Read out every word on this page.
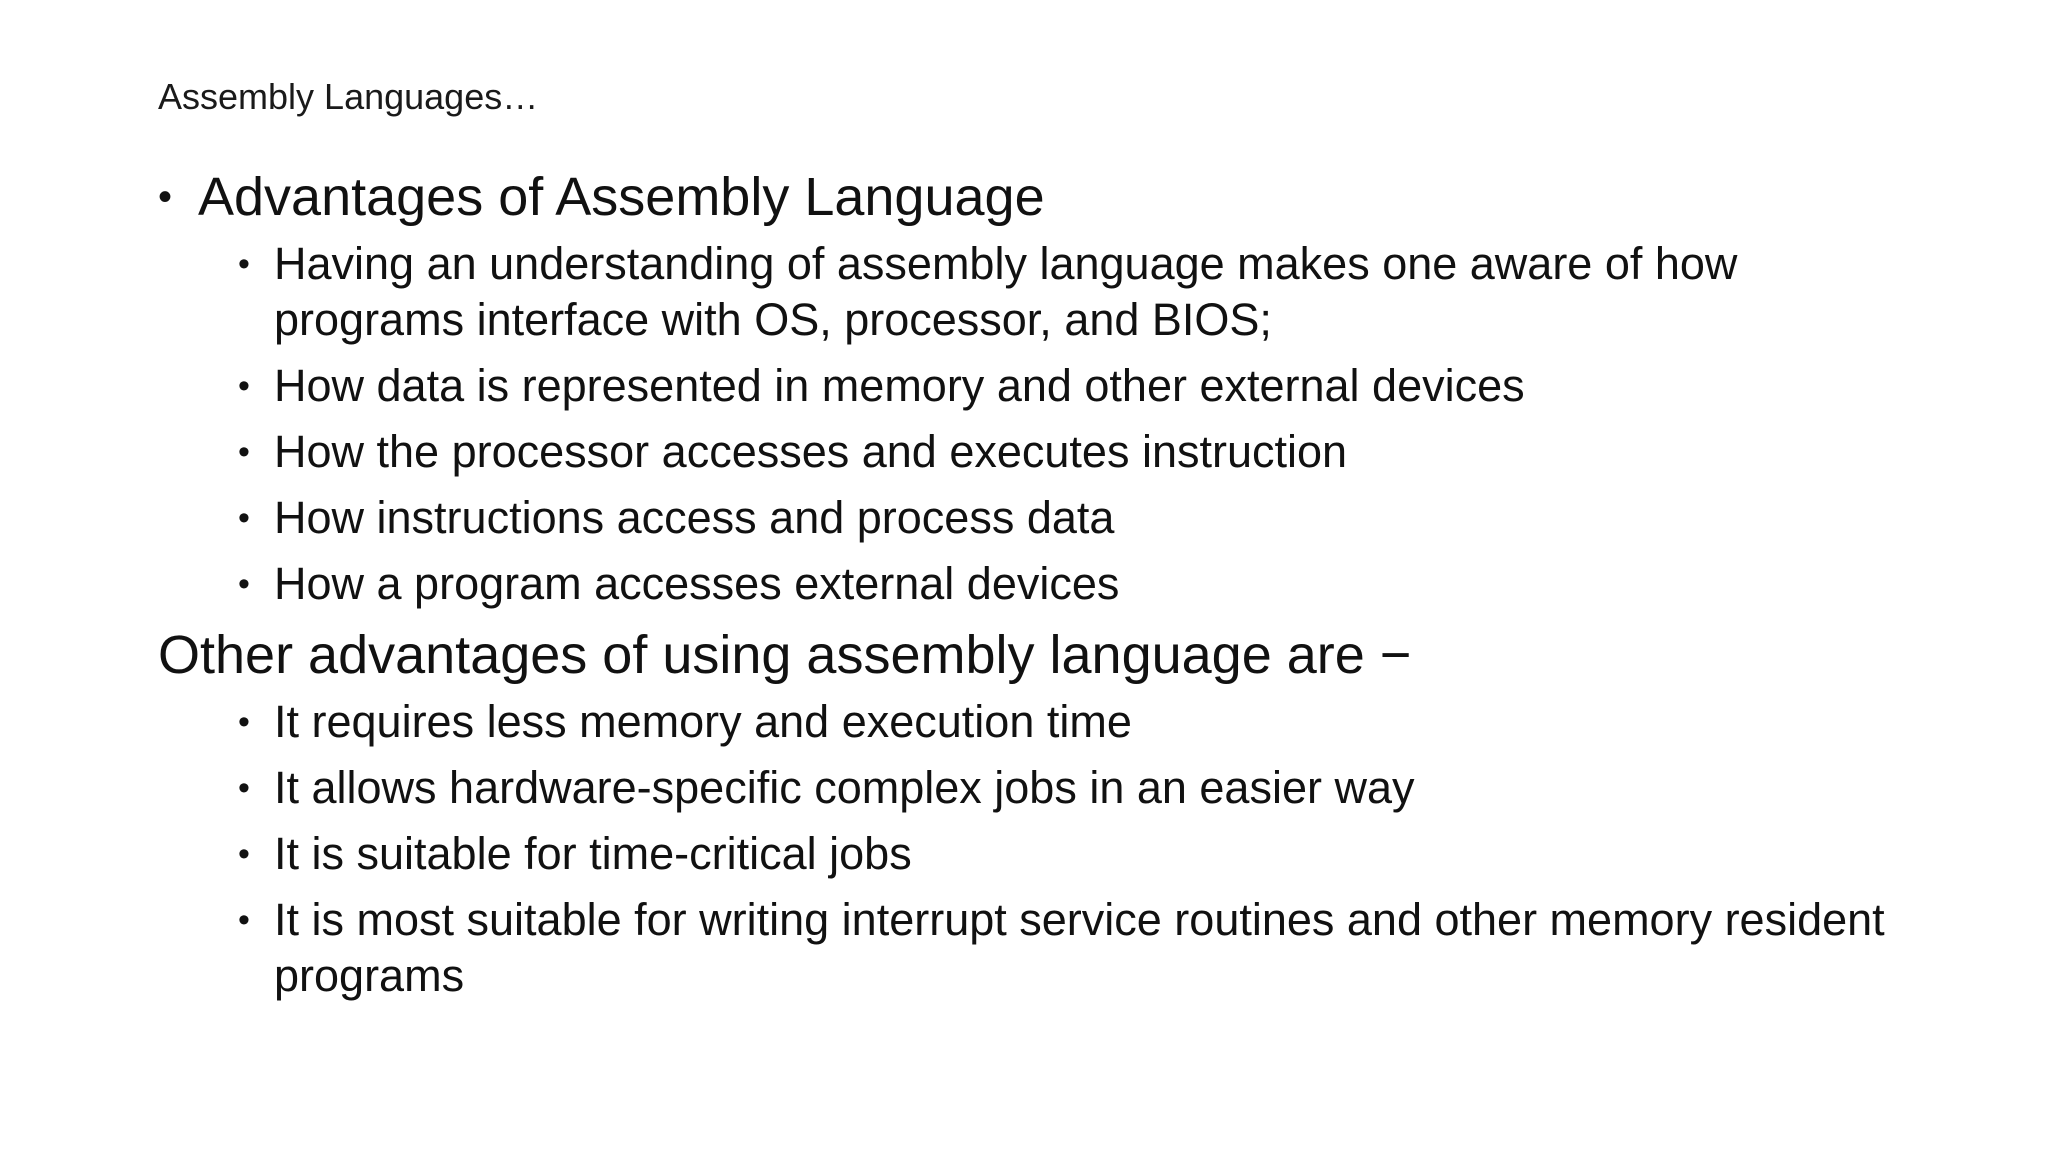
Assembly Languages…
• Advantages of Assembly Language
• Having an understanding of assembly language makes one aware of how programs interface with OS, processor, and BIOS;
• How data is represented in memory and other external devices
• How the processor accesses and executes instruction
• How instructions access and process data
• How a program accesses external devices
Other advantages of using assembly language are −
• It requires less memory and execution time
• It allows hardware-specific complex jobs in an easier way
• It is suitable for time-critical jobs
• It is most suitable for writing interrupt service routines and other memory resident programs
